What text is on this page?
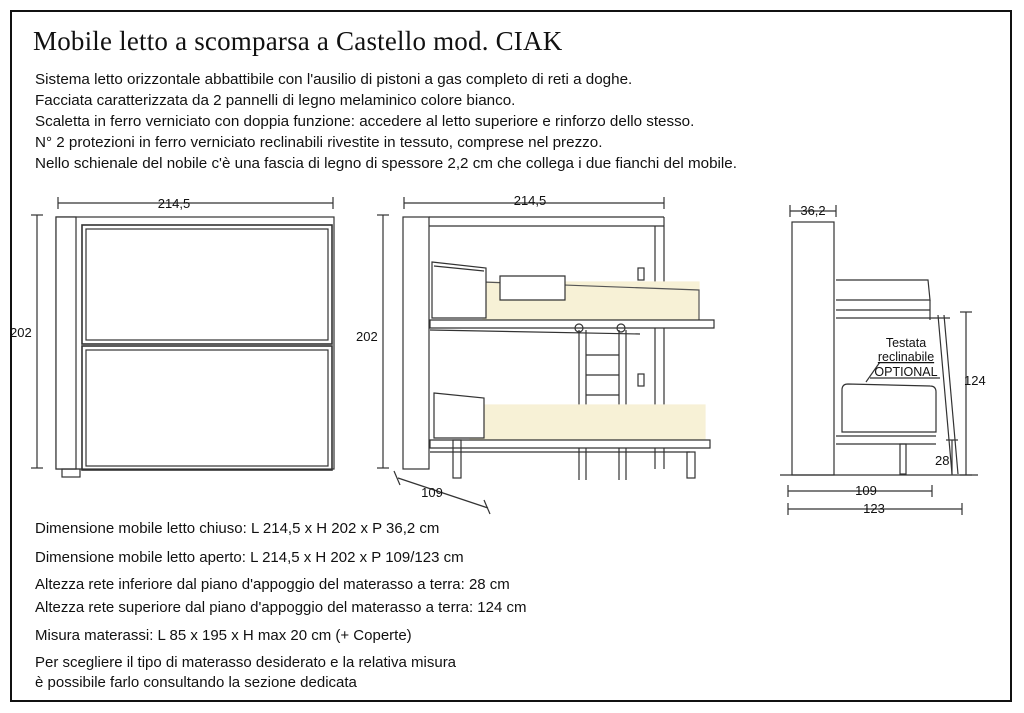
Mobile letto a scomparsa a Castello mod. CIAK
Sistema letto orizzontale abbattibile con l'ausilio di pistoni a gas completo di reti a doghe.
Facciata caratterizzata da 2 pannelli di legno melaminico colore bianco.
Scaletta in ferro verniciato con doppia funzione: accedere al letto superiore e rinforzo dello stesso.
N° 2 protezioni in ferro verniciato reclinabili rivestite in tessuto, comprese nel prezzo.
Nello schienale del nobile c'è una fascia di legno di spessore 2,2 cm che collega i due fianchi del mobile.
214,5
202
214,5
202
109
36,2
Testata
reclinabile
OPTIONAL
124
28
109
123
Dimensione mobile letto chiuso: L 214,5 x H 202 x P 36,2 cm
Dimensione mobile letto aperto: L 214,5 x H 202 x P 109/123 cm
Altezza rete inferiore dal piano d'appoggio del materasso a terra: 28 cm
Altezza rete superiore dal piano d'appoggio del materasso a terra: 124 cm
Misura materassi: L 85 x 195 x H max 20 cm (+ Coperte)
Per scegliere il tipo di materasso desiderato e la relativa misura
è possibile farlo consultando la sezione dedicata
